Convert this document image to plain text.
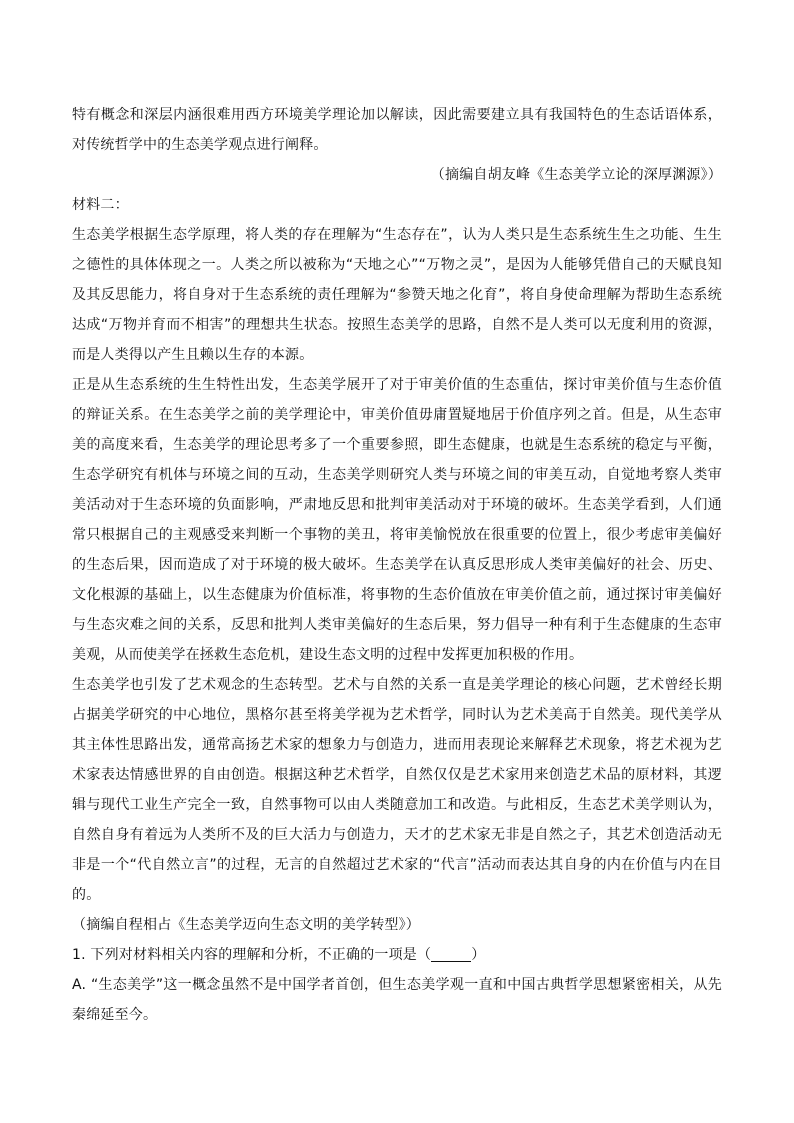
特有概念和深层内涵很难用西方环境美学理论加以解读，因此需要建立具有我国特色的生态话语体系，对传统哲学中的生态美学观点进行阐释。

（摘编自胡友峰《生态美学立论的深厚渊源》）

材料二：

生态美学根据生态学原理，将人类的存在理解为“生态存在”，认为人类只是生态系统生生之功能、生生之德性的具体体现之一。人类之所以被称为“天地之心”“万物之灵”，是因为人能够凭借自己的天赋良知及其反思能力，将自身对于生态系统的责任理解为“参赞天地之化育”，将自身使命理解为帮助生态系统达成“万物并育而不相害”的理想共生状态。按照生态美学的思路，自然不是人类可以无度利用的资源，而是人类得以产生且赖以生存的本源。

正是从生态系统的生生特性出发，生态美学展开了对于审美价值的生态重估，探讨审美价值与生态价值的辩证关系。在生态美学之前的美学理论中，审美价值毋庸置疑地居于价值序列之首。但是，从生态审美的高度来看，生态美学的理论思考多了一个重要参照，即生态健康，也就是生态系统的稳定与平衡，生态学研究有机体与环境之间的互动，生态美学则研究人类与环境之间的审美互动，自觉地考察人类审美活动对于生态环境的负面影响，严肃地反思和批判审美活动对于环境的破坏。生态美学看到，人们通常只根据自己的主观感受来判断一个事物的美丑，将审美愉悦放在很重要的位置上，很少考虑审美偏好的生态后果，因而造成了对于环境的极大破坏。生态美学在认真反思形成人类审美偏好的社会、历史、文化根源的基础上，以生态健康为价值标准，将事物的生态价值放在审美价值之前，通过探讨审美偏好与生态灾难之间的关系，反思和批判人类审美偏好的生态后果，努力倡导一种有利于生态健康的生态审美观，从而使美学在拯救生态危机，建设生态文明的过程中发挥更加积极的作用。

生态美学也引发了艺术观念的生态转型。艺术与自然的关系一直是美学理论的核心问题，艺术曾经长期占据美学研究的中心地位，黑格尔甚至将美学视为艺术哲学，同时认为艺术美高于自然美。现代美学从其主体性思路出发，通常高扬艺术家的想象力与创造力，进而用表现论来解释艺术现象，将艺术视为艺术家表达情感世界的自由创造。根据这种艺术哲学，自然仅仅是艺术家用来创造艺术品的原材料，其逻辑与现代工业生产完全一致，自然事物可以由人类随意加工和改造。与此相反，生态艺术美学则认为，自然自身有着远为人类所不及的巨大活力与创造力，天才的艺术家无非是自然之子，其艺术创造活动无非是一个“代自然立言”的过程，无言的自然超过艺术家的“代言”活动而表达其自身的内在价值与内在目的。

（摘编自程相占《生态美学迈向生态文明的美学转型》）

1. 下列对材料相关内容的理解和分析，不正确的一项是（	）

A. “生态美学”这一概念虽然不是中国学者首创，但生态美学观一直和中国古典哲学思想紧密相关，从先秦绵延至今。
